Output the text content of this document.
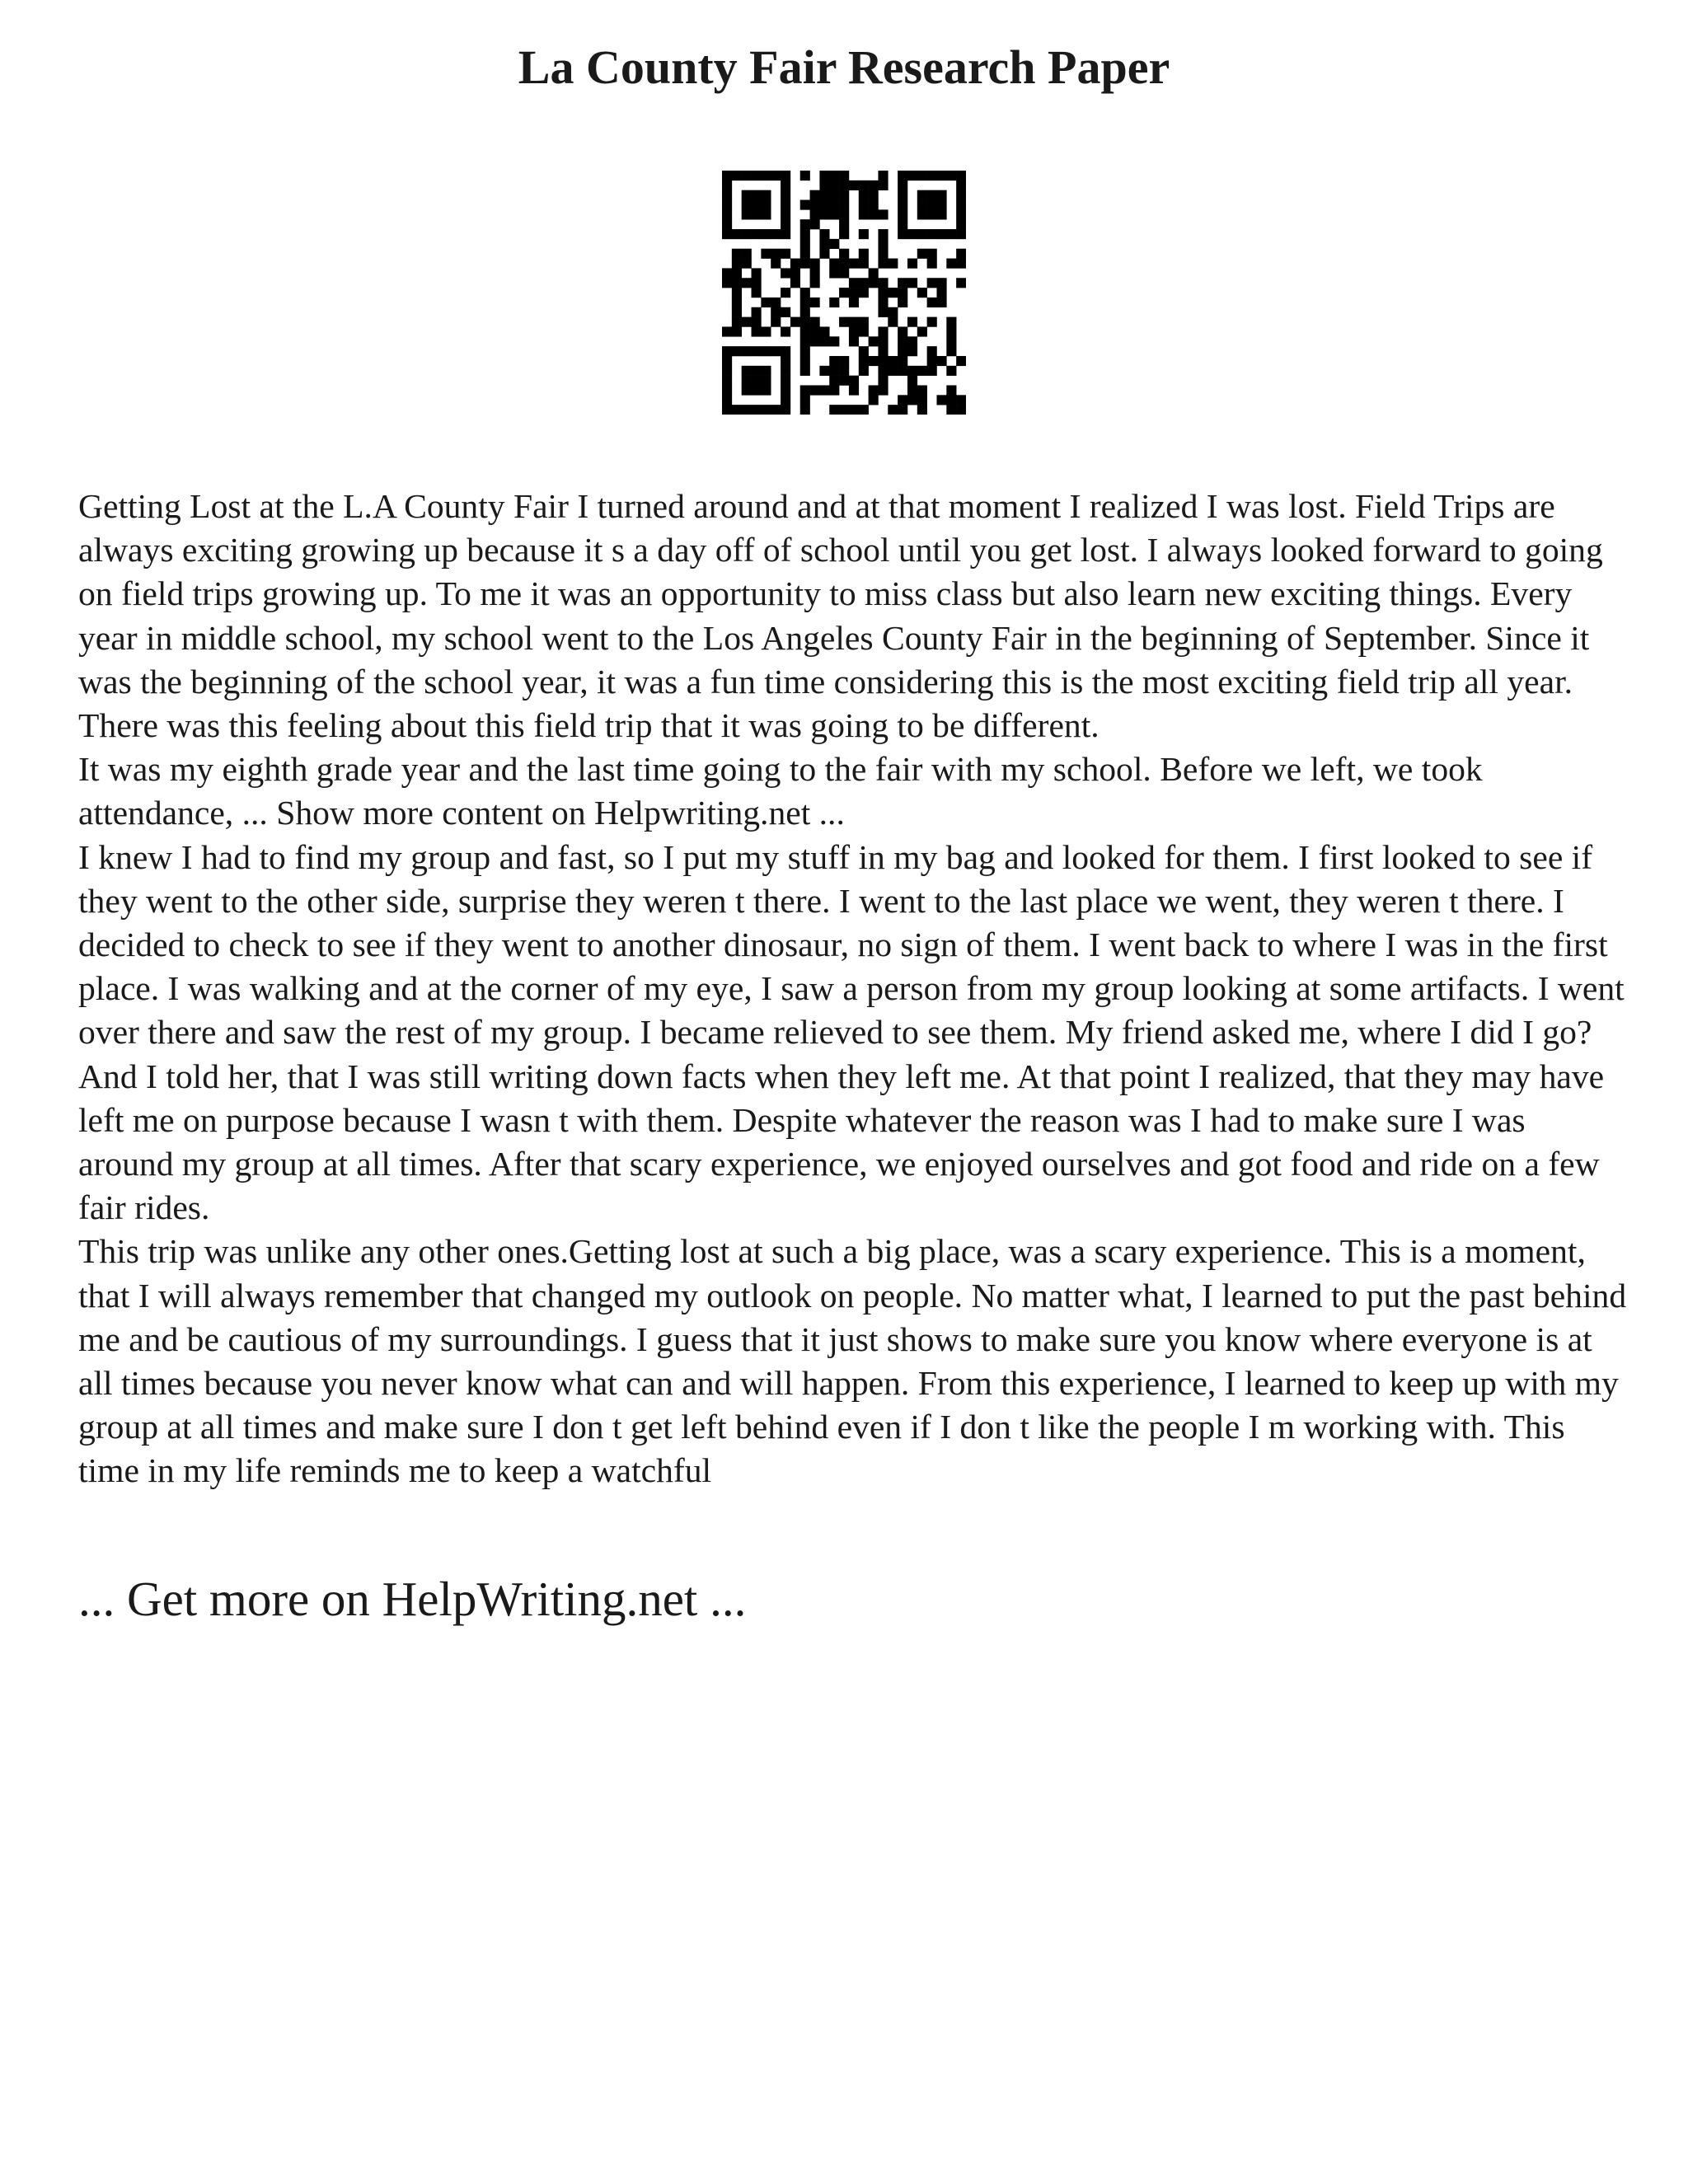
La County Fair Research Paper

Getting Lost at the L.A County Fair I turned around and at that moment I realized I was lost. Field Trips are always exciting growing up because it s a day off of school until you get lost. I always looked forward to going on field trips growing up. To me it was an opportunity to miss class but also learn new exciting things. Every year in middle school, my school went to the Los Angeles County Fair in the beginning of September. Since it was the beginning of the school year, it was a fun time considering this is the most exciting field trip all year. There was this feeling about this field trip that it was going to be different.

It was my eighth grade year and the last time going to the fair with my school. Before we left, we took attendance, ... Show more content on Helpwriting.net ...

I knew I had to find my group and fast, so I put my stuff in my bag and looked for them. I first looked to see if they went to the other side, surprise they weren t there. I went to the last place we went, they weren t there. I decided to check to see if they went to another dinosaur, no sign of them. I went back to where I was in the first place. I was walking and at the corner of my eye, I saw a person from my group looking at some artifacts. I went over there and saw the rest of my group. I became relieved to see them. My friend asked me, where I did I go? And I told her, that I was still writing down facts when they left me. At that point I realized, that they may have left me on purpose because I wasn t with them. Despite whatever the reason was I had to make sure I was around my group at all times. After that scary experience, we enjoyed ourselves and got food and ride on a few fair rides.

This trip was unlike any other ones.Getting lost at such a big place, was a scary experience. This is a moment, that I will always remember that changed my outlook on people. No matter what, I learned to put the past behind me and be cautious of my surroundings. I guess that it just shows to make sure you know where everyone is at all times because you never know what can and will happen. From this experience, I learned to keep up with my group at all times and make sure I don t get left behind even if I don t like the people I m working with. This time in my life reminds me to keep a watchful

... Get more on HelpWriting.net ...
